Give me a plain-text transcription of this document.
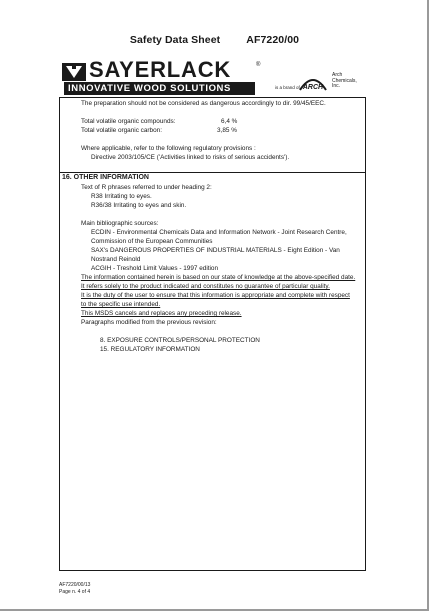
Safety Data Sheet AF7220/00
SAYERLACK	®
INNOVATIVE WOOD SOLUTIONS	is a brand of ARCH
Arch Chemicals, Inc.
The preparation should not be considered as dangerous accordingly to dir. 99/45/EEC.
Total volatile organic compounds:	6,4 %
Total volatile organic carbon:	3,85 %
Where applicable, refer to the following regulatory provisions :
Directive 2003/105/CE ('Activities linked to risks of serious accidents').
16. OTHER INFORMATION
Text of R phrases referred to under heading 2:
R38 Irritating to eyes.
R36/38 Irritating to eyes and skin.
Main bibliographic sources:
ECDIN - Environmental Chemicals Data and Information Network - Joint Research Centre,
Commission of the European Communities
SAX's DANGEROUS PROPERTIES OF INDUSTRIAL MATERIALS - Eight Edition - Van
Nostrand Reinold
ACGIH - Treshold Limit Values - 1997 edition
The information contained herein is based on our state of knowledge at the above-specified date.
It refers solely to the product indicated and constitutes no guarantee of particular quality.
It is the duty of the user to ensure that this information is appropriate and complete with respect
to the specific use intended.
This MSDS cancels and replaces any preceding release.
Paragraphs modified from the previous revision:
8. EXPOSURE CONTROLS/PERSONAL PROTECTION
15. REGULATORY INFORMATION
AF7220/00/13
Page n. 4 of 4
